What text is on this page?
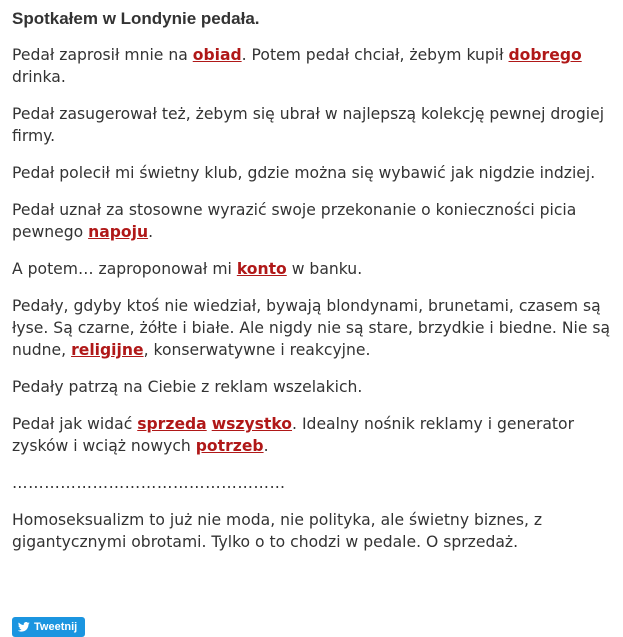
Spotkałem w Londynie pedała.

Pedał zaprosił mnie na obiad. Potem pedał chciał, żebym kupił dobrego drinka.

Pedał zasugerował też, żebym się ubrał w najlepszą kolekcję pewnej drogiej firmy.

Pedał polecił mi świetny klub, gdzie można się wybawić jak nigdzie indziej.

Pedał uznał za stosowne wyrazić swoje przekonanie o konieczności picia pewnego napoju.

A potem… zaproponował mi konto w banku.

Pedały, gdyby ktoś nie wiedział, bywają blondynami, brunetami, czasem są łyse. Są czarne, żółte i białe. Ale nigdy nie są stare, brzydkie i biedne. Nie są nudne, religijne, konserwatywne i reakcyjne.

Pedały patrzą na Ciebie z reklam wszelakich.

Pedał jak widać sprzeda wszystko. Idealny nośnik reklamy i generator zysków i wciąż nowych potrzeb.

……………………………………………

Homoseksualizm to już nie moda, nie polityka, ale świetny biznes, z gigantycznymi obrotami. Tylko o to chodzi w pedale. O sprzedaż.

Tweetnij
